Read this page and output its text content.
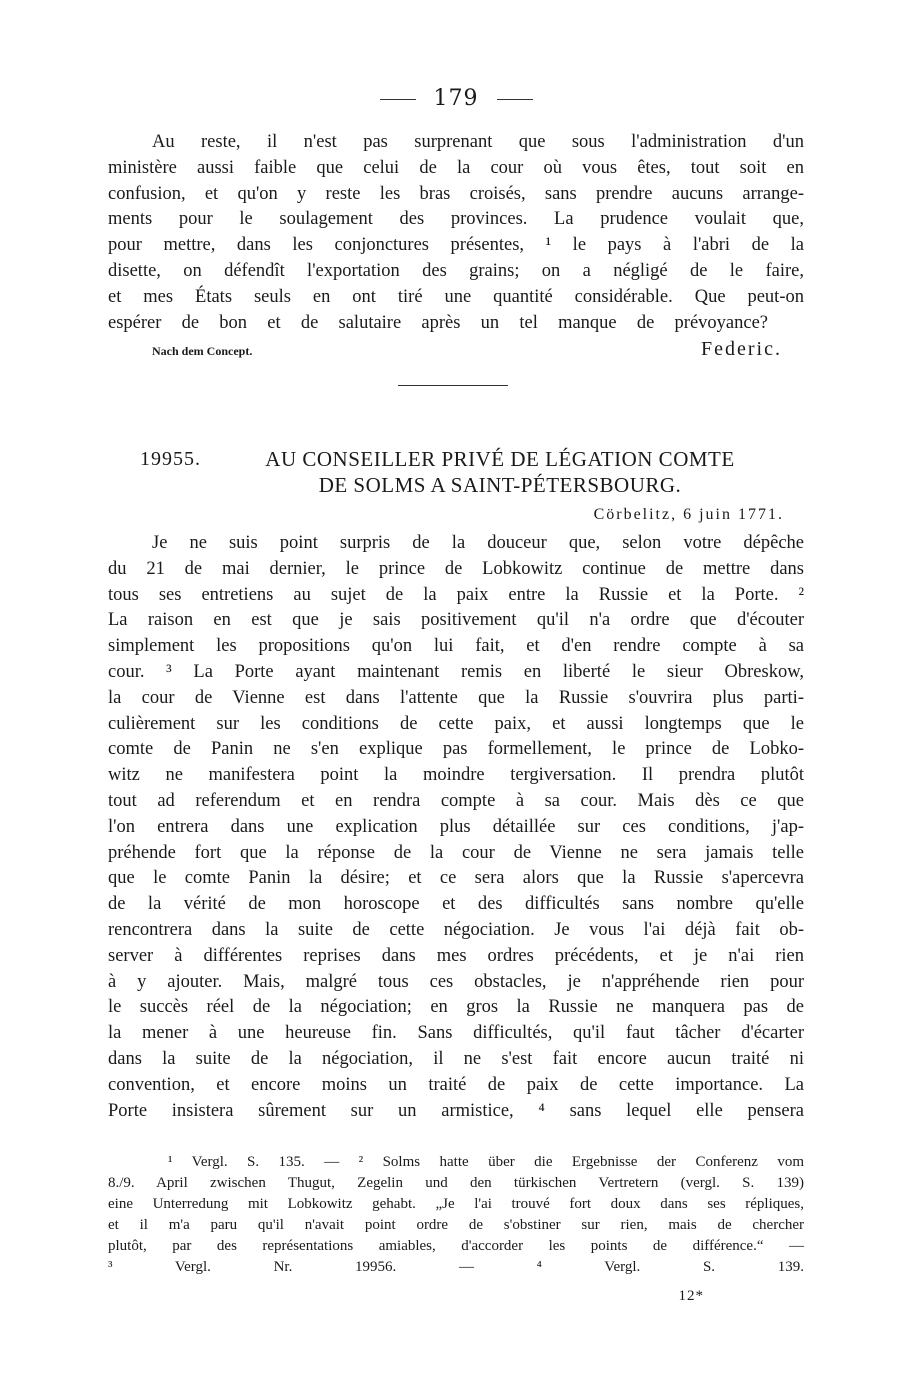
179
Au reste, il n'est pas surprenant que sous l'administration d'un
ministère aussi faible que celui de la cour où vous êtes, tout soit en
confusion, et qu'on y reste les bras croisés, sans prendre aucuns arrange-
ments pour le soulagement des provinces. La prudence voulait que,
pour mettre, dans les conjonctures présentes, ¹ le pays à l'abri de la
disette, on défendît l'exportation des grains; on a négligé de le faire,
et mes États seuls en ont tiré une quantité considérable. Que peut-on
espérer de bon et de salutaire après un tel manque de prévoyance?
Nach dem Concept.	Federic.
19955.	AU CONSEILLER PRIVÉ DE LÉGATION COMTE
DE SOLMS A SAINT-PÉTERSBOURG.
Cörbelitz, 6 juin 1771.
Je ne suis point surpris de la douceur que, selon votre dépêche
du 21 de mai dernier, le prince de Lobkowitz continue de mettre dans
tous ses entretiens au sujet de la paix entre la Russie et la Porte. ²
La raison en est que je sais positivement qu'il n'a ordre que d'écouter
simplement les propositions qu'on lui fait, et d'en rendre compte à sa
cour. ³ La Porte ayant maintenant remis en liberté le sieur Obreskow,
la cour de Vienne est dans l'attente que la Russie s'ouvrira plus parti-
culièrement sur les conditions de cette paix, et aussi longtemps que le
comte de Panin ne s'en explique pas formellement, le prince de Lobko-
witz ne manifestera point la moindre tergiversation. Il prendra plutôt
tout ad referendum et en rendra compte à sa cour. Mais dès ce que
l'on entrera dans une explication plus détaillée sur ces conditions, j'ap-
préhende fort que la réponse de la cour de Vienne ne sera jamais telle
que le comte Panin la désire; et ce sera alors que la Russie s'apercevra
de la vérité de mon horoscope et des difficultés sans nombre qu'elle
rencontrera dans la suite de cette négociation. Je vous l'ai déjà fait ob-
server à différentes reprises dans mes ordres précédents, et je n'ai rien
à y ajouter. Mais, malgré tous ces obstacles, je n'appréhende rien pour
le succès réel de la négociation; en gros la Russie ne manquera pas de
la mener à une heureuse fin. Sans difficultés, qu'il faut tâcher d'écarter
dans la suite de la négociation, il ne s'est fait encore aucun traité ni
convention, et encore moins un traité de paix de cette importance. La
Porte insistera sûrement sur un armistice, ⁴ sans lequel elle pensera
¹ Vergl. S. 135. — ² Solms hatte über die Ergebnisse der Conferenz vom
8./9. April zwischen Thugut, Zegelin und den türkischen Vertretern (vergl. S. 139)
eine Unterredung mit Lobkowitz gehabt. „Je l'ai trouvé fort doux dans ses répliques,
et il m'a paru qu'il n'avait point ordre de s'obstiner sur rien, mais de chercher
plutôt, par des représentations amiables, d'accorder les points de différence.“ —
³ Vergl. Nr. 19956. — ⁴ Vergl. S. 139.
12*
